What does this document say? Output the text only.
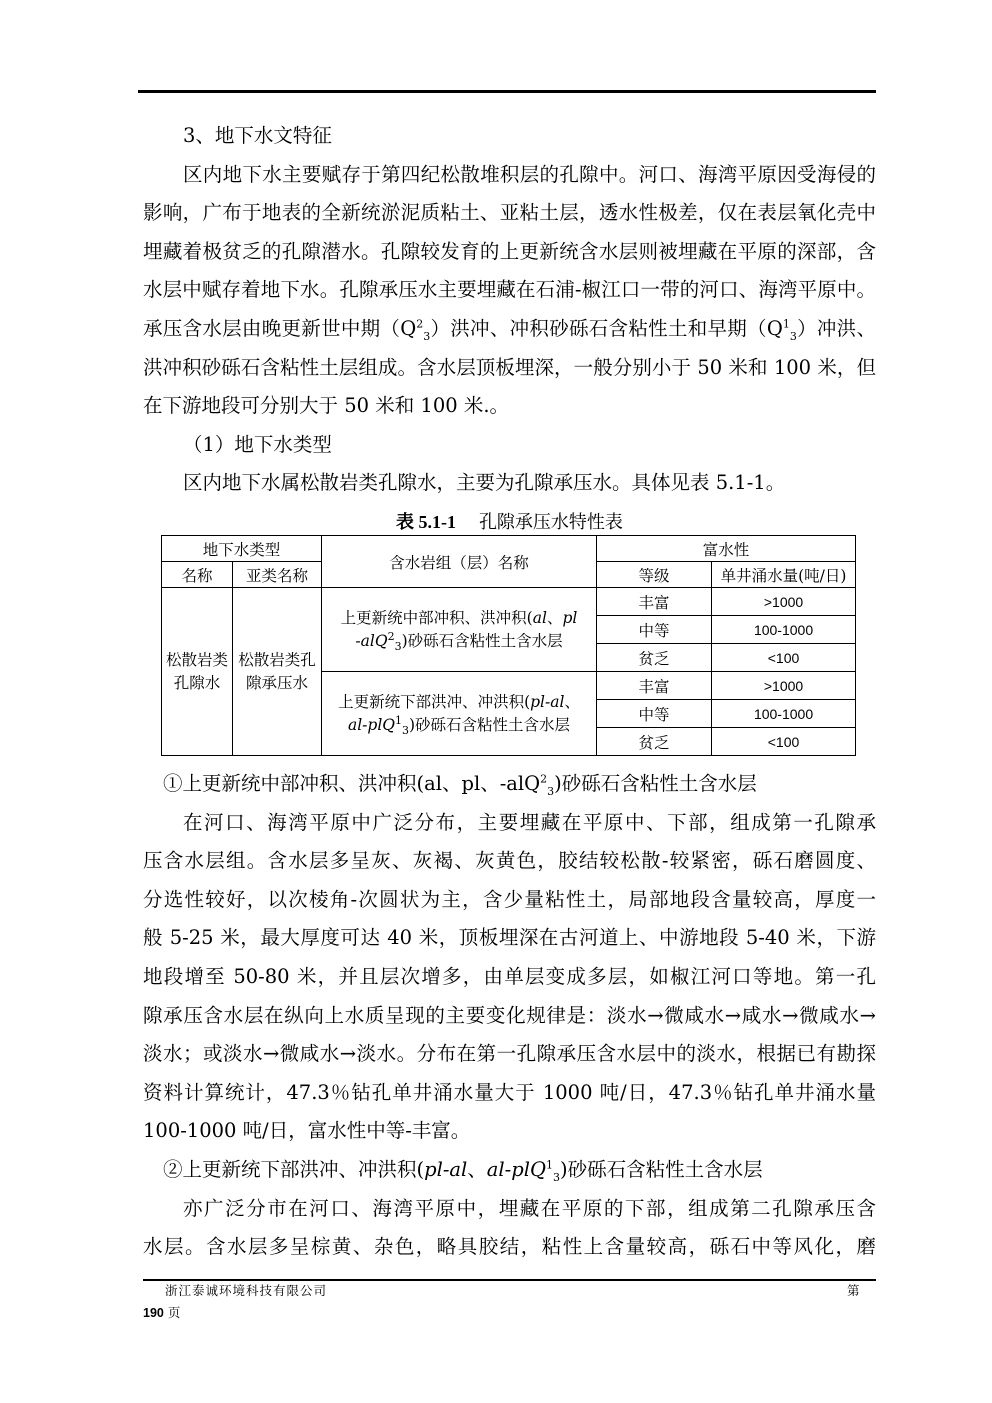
3、地下水文特征
区内地下水主要赋存于第四纪松散堆积层的孔隙中。河口、海湾平原因受海侵的
影响，广布于地表的全新统淤泥质粘土、亚粘土层，透水性极差，仅在表层氧化壳中
埋藏着极贫乏的孔隙潜水。孔隙较发育的上更新统含水层则被埋藏在平原的深部，含
水层中赋存着地下水。孔隙承压水主要埋藏在石浦-椒江口一带的河口、海湾平原中。
承压含水层由晚更新世中期$(Q^2_3)$洪冲、冲积砂砾石含粘性土和早期$(Q^1_3)$冲洪、
洪冲积砂砾石含粘性土层组成。含水层顶板埋深，一般分别小于 50 米和 100 米，但
在下游地段可分别大于 50 米和 100 米.。
（1）地下水类型
区内地下水属松散岩类孔隙水，主要为孔隙承压水。具体见表 5.1-1。
表 5.1-1 孔隙承压水特性表
地下水类型		含水岩组（层）名称	富水性	
名称	亚类名称		等级	单井涌水量(吨/日)
松散岩类孔隙水	松散岩类孔隙承压水	上更新统中部冲积、洪冲积(al、pl
-alQ$^2_3$)砂砾石含粘性土含水层	丰富	>1000
			中等	100-1000
			贫乏	<100
		上更新统下部洪冲、冲洪积(pl-al、
al-plQ$^1_3$)砂砾石含粘性土含水层	丰富	>1000
			中等	100-1000
			贫乏	<100
①上更新统中部冲积、洪冲积(al、pl、-alQ$^2_3$)砂砾石含粘性土含水层
在河口、海湾平原中广泛分布，主要埋藏在平原中、下部，组成第一孔隙承
压含水层组。含水层多呈灰、灰褐、灰黄色，胶结较松散-较紧密，砾石磨圆度、
分选性较好，以次棱角-次圆状为主，含少量粘性土，局部地段含量较高，厚度一
般 5-25 米，最大厚度可达 40 米，顶板埋深在古河道上、中游地段 5-40 米，下游
地段增至 50-80 米，并且层次增多，由单层变成多层，如椒江河口等地。第一孔
隙承压含水层在纵向上水质呈现的主要变化规律是：淡水→微咸水→咸水→微咸水→
淡水；或淡水→微咸水→淡水。分布在第一孔隙承压含水层中的淡水，根据已有勘探
资料计算统计，47.3％钻孔单井涌水量大于 1000 吨/日，47.3％钻孔单井涌水量
100-1000 吨/日，富水性中等-丰富。
②上更新统下部洪冲、冲洪积(pl-al、al-plQ$^1_3$)砂砾石含粘性土含水层
亦广泛分市在河口、海湾平原中，埋藏在平原的下部，组成第二孔隙承压含
水层。含水层多呈棕黄、杂色，略具胶结，粘性上含量较高，砾石中等风化，磨
浙江泰诚环境科技有限公司	第
190 页
